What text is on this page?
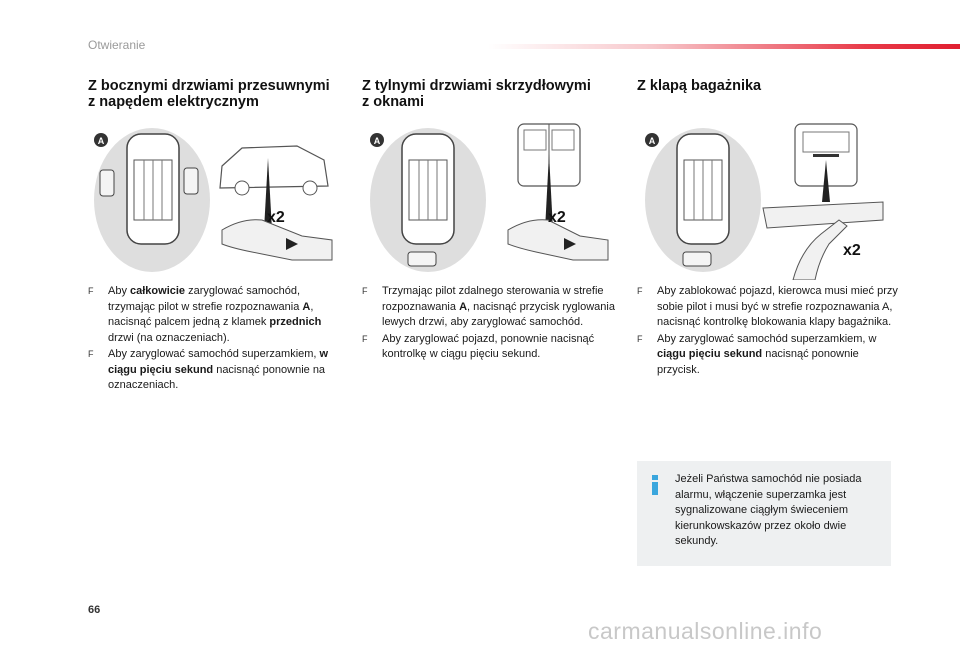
Otwieranie
Z bocznymi drzwiami przesuwnymi
z napędem elektrycznym
Z tylnymi drzwiami skrzydłowymi
z oknami
Z klapą bagażnika
A
x2
A
x2
A
x2

F Aby całkowicie zaryglować samochód, trzymając pilot w strefie rozpoznawania A, nacisnąć palcem jedną z klamek przednich drzwi (na oznaczeniach).

F Aby zaryglować samochód superzamkiem, w ciągu pięciu sekund nacisnąć ponownie na oznaczeniach.

F Trzymając pilot zdalnego sterowania w strefie rozpoznawania A, nacisnąć przycisk ryglowania lewych drzwi, aby zaryglować samochód.

F Aby zaryglować pojazd, ponownie nacisnąć kontrolkę w ciągu pięciu sekund.

F Aby zablokować pojazd, kierowca musi mieć przy sobie pilot i musi być w strefie rozpoznawania A, nacisnąć kontrolkę blokowania klapy bagażnika.

F Aby zaryglować samochód superzamkiem, w ciągu pięciu sekund nacisnąć ponownie przycisk.

Jeżeli Państwa samochód nie posiada alarmu, włączenie superzamka jest sygnalizowane ciągłym świeceniem kierunkowskazów przez około dwie sekundy.
66
carmanualsonline.info
